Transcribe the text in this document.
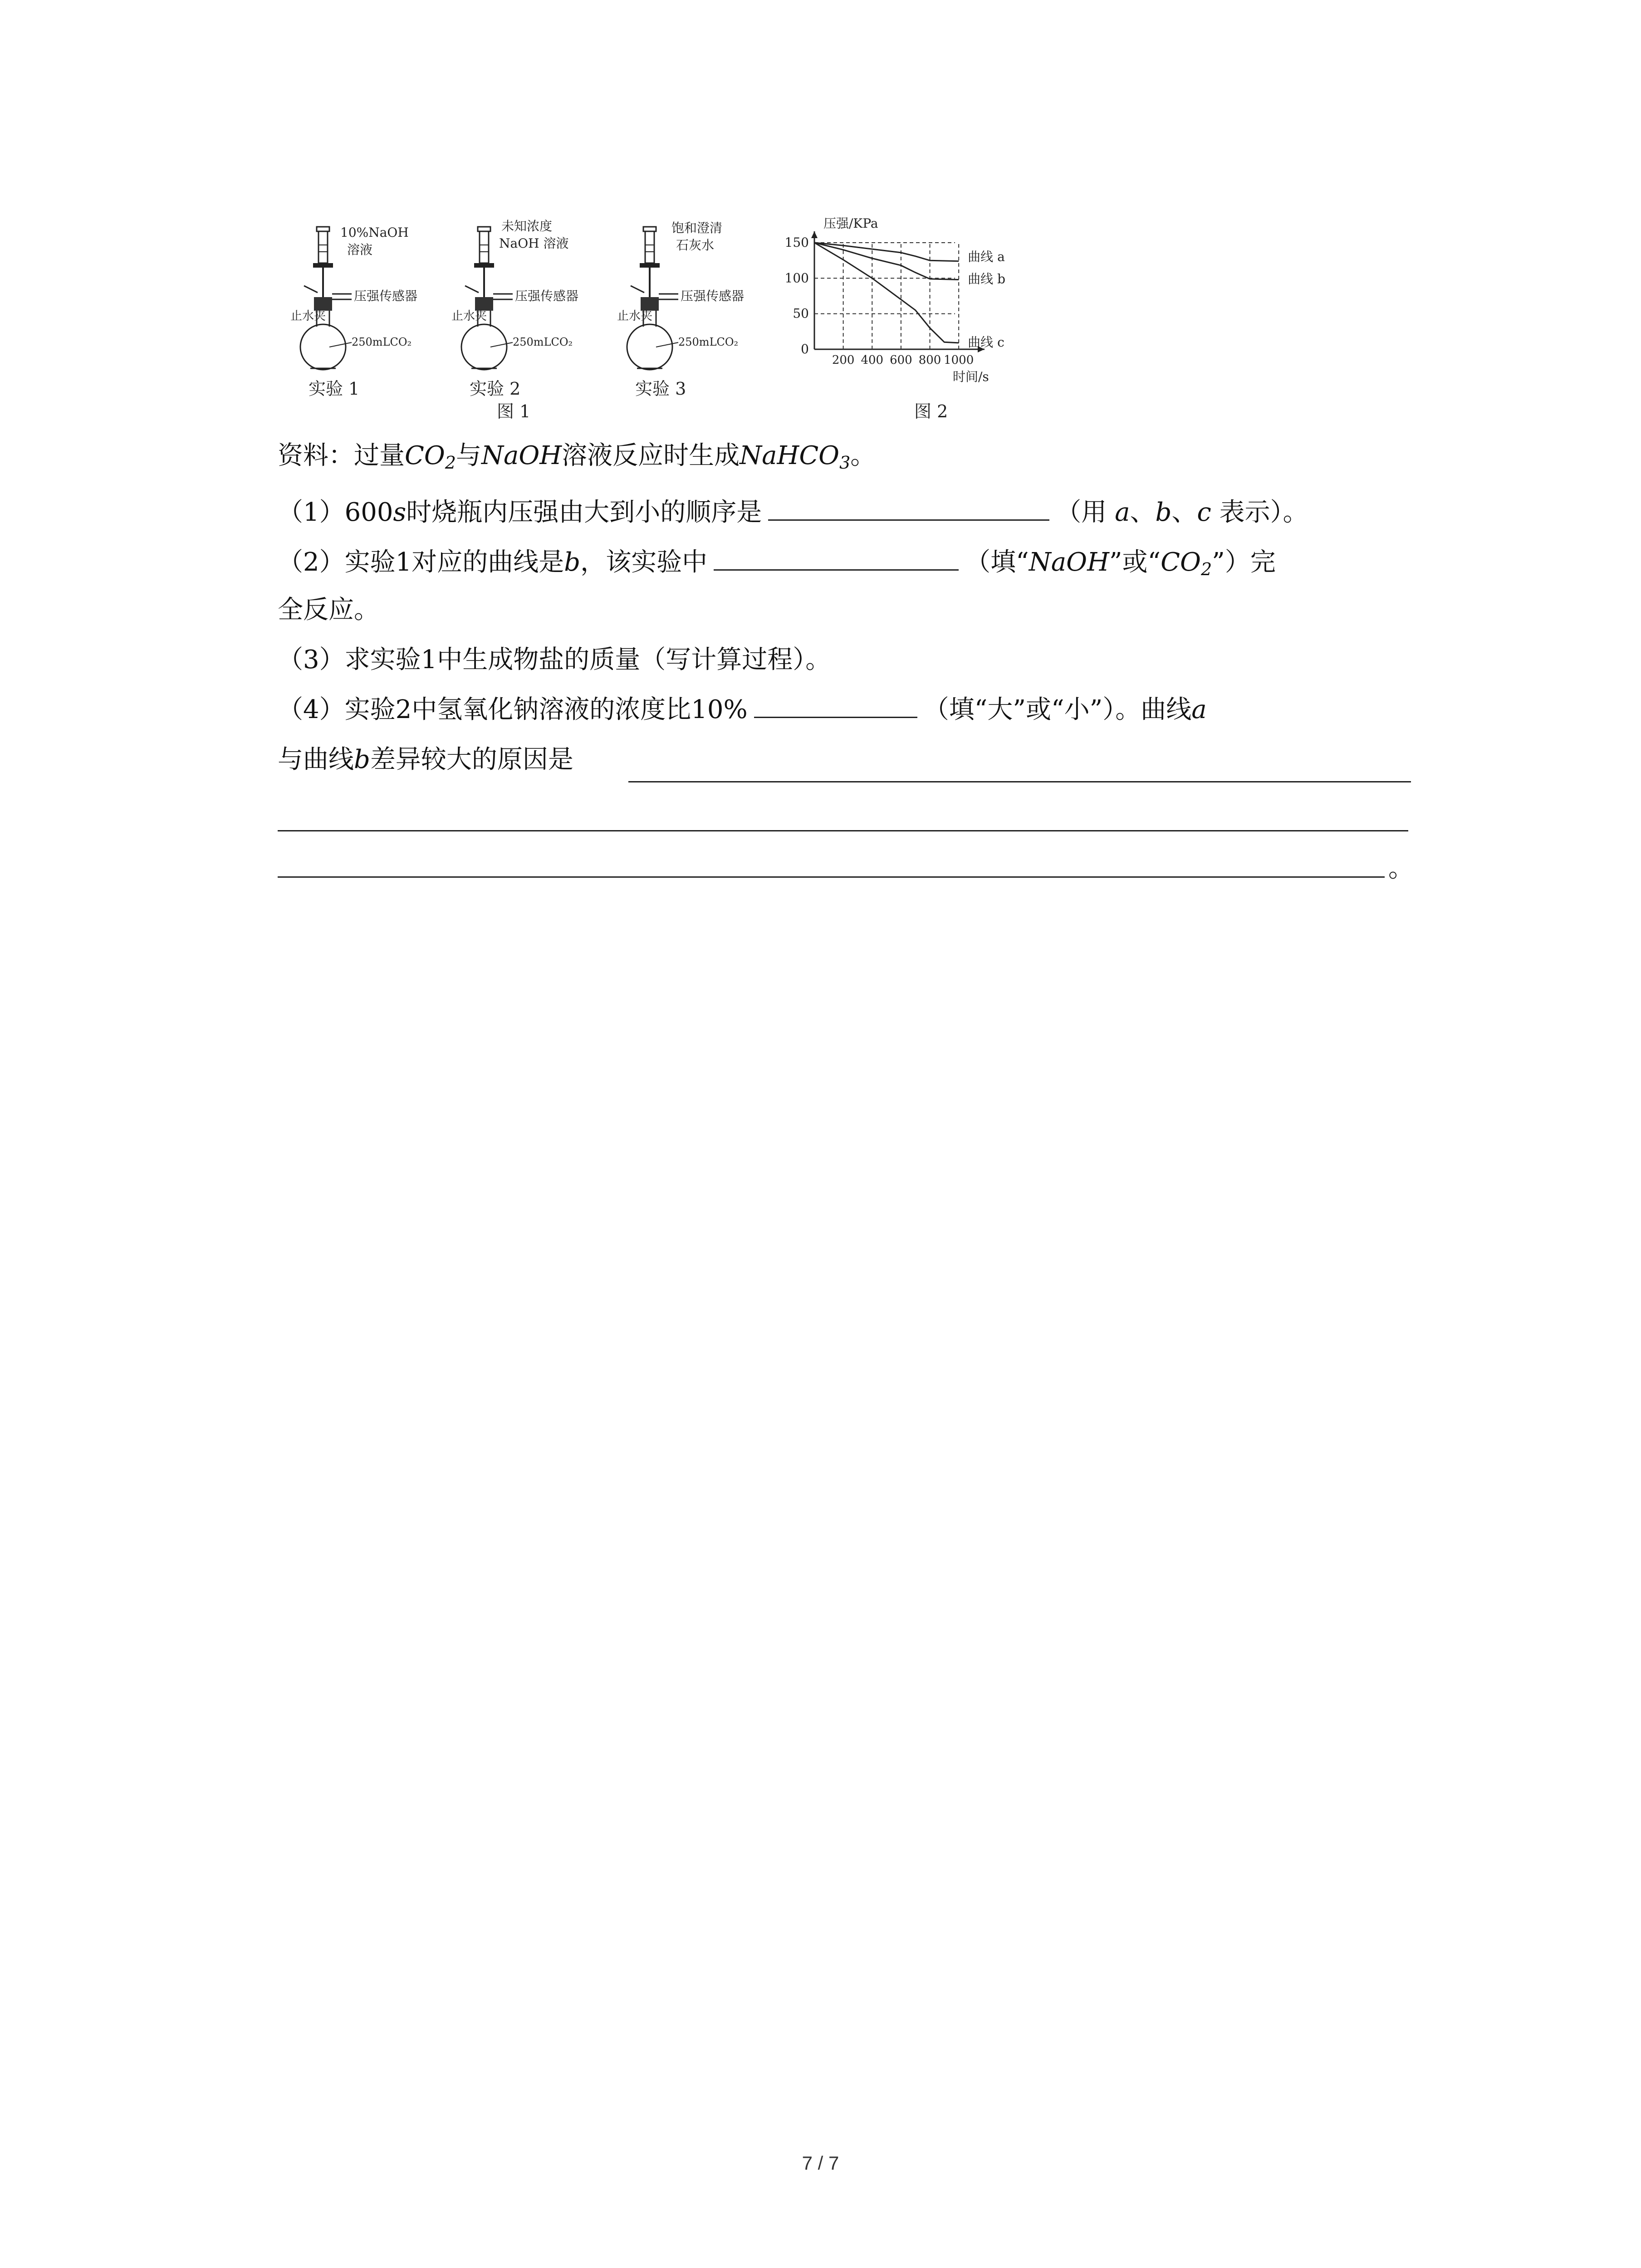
10%NaOH
溶液
止水夹
压强传感器
250mLCO₂
实验 1
未知浓度
NaOH 溶液
止水夹
压强传感器
250mLCO₂
实验 2
饱和澄清
石灰水
止水夹
压强传感器
250mLCO₂
实验 3
图 1
压强/KPa
时间/s
图 2
150
100
50
0
200 400 600 800 1000
曲线 a
曲线 b
曲线 c
资料：过量$CO_2$与NaOH溶液反应时生成NaHCO$_3$。
（1）600s时烧瓶内压强由大到小的顺序是	（用 a、b、c 表示）。
（2）实验1对应的曲线是b，该实验中	（填“NaOH”或“$CO_2$”）完
全反应。
（3）求实验1中生成物盐的质量（写计算过程）。
（4）实验2中氢氧化钠溶液的浓度比10%	（填“大”或“小”）。曲线a
与曲线b差异较大的原因是
。
7 / 7
